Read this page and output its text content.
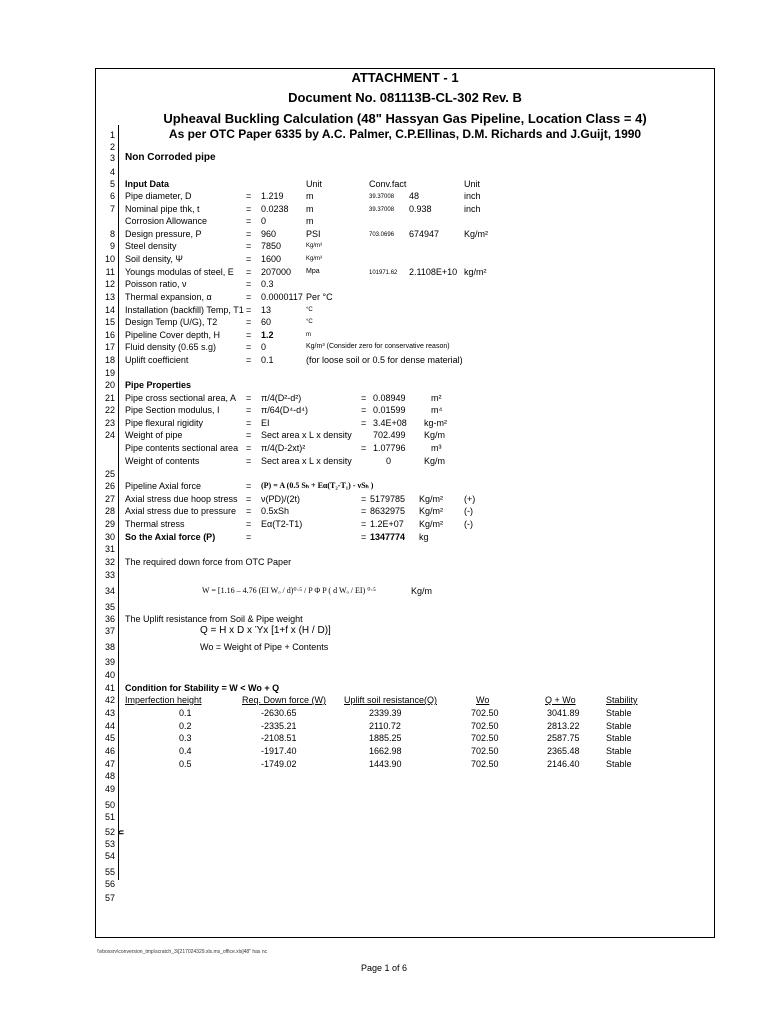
ATTACHMENT - 1
Document No. 081113B-CL-302 Rev. B
Upheaval Buckling Calculation (48" Hassyan Gas Pipeline, Location Class = 4)
As per OTC Paper 6335 by A.C. Palmer, C.P.Ellinas, D.M. Richards and J.Guijt, 1990
1
2
3 Non Corroded pipe
4
5 Input Data	Unit	Conv.fact	Unit
6 Pipe diameter, D	= 1.219 m	39.37008 48	inch
7 Nominal pipe thk, t	= 0.0238 m	39.37008 0.938	inch
Corrosion Allowance	= 0	m
8 Design pressure, P	= 960	PSI	703.0696 674947	Kg/m²
9 Steel density	= 7850	Kg/m³
10 Soil density, Ψ	= 1600	Kg/m³
11 Youngs modulas of steel, E = 207000 Mpa	101971.62 2.1108E+10 kg/m²
12 Poisson ratio, ν	= 0.3
13 Thermal expansion, α	= 0.0000117 Per °C
14 Installation (backfill) Temp, T1 = 13	°C
15 Design Temp (U/G), T2	= 60	°C
16 Pipeline Cover depth, H	= 1.2	m
17 Fluid density (0.65 s.g)	= 0	Kg/m³ (Consider zero for conservative reason)
18 Uplift coefficient	= 0.1	(for loose soil or 0.5 for dense material)
19
20 Pipe Properties
21 Pipe cross sectional area, A = π/4(D²-d²)	= 0.08949	m²
22 Pipe Section modulus, I	= π/64(D⁴-d⁴)	= 0.01599	m⁴
23 Pipe flexural rigidity	= EI	= 3.4E+08 kg-m²
24 Weight of pipe	= Sect area x L x density 702.499 Kg/m
Pipe contents sectional area = π/4(D-2xt)²	= 1.07796	m³
Weight of contents	= Sect area x L x density	0	Kg/m
25
26 Pipeline Axial force	= (P) = A (0.5 Sₕ + Eα(T₂-T₁) - νSₕ )
27 Axial stress due hoop stress = ν(PD)/(2t)	= 5179785 Kg/m² (+)
28 Axial stress due to pressure = 0.5xSh	= 8632975 Kg/m² (-)
29 Thermal stress	= Eα(T2-T1)	= 1.2E+07 Kg/m² (-)
30 So the Axial force (P)	=	= 1347774 kg
31
32 The required down force from OTC Paper
33
34	W = [1.16 – 4.76 (EI Wₒ / d)⁰·⁵ / P Φ P ( d Wₒ / EI) ⁰·⁵	Kg/m
35
36 The Uplift resistance from Soil & Pipe weight
37	Q = H x D x Ύx [1+f x (H / D)]
38	Wo = Weight of Pipe + Contents
39
40
41 Condition for Stability = W < Wo + Q
42 Imperfection height	Req. Down force (W) Uplift soil resistance(Q)	Wo	Q + Wo	Stability
43	0.1	-2630.65	2339.39	702.50	3041.89	Stable
44	0.2	-2335.21	2110.72	702.50	2813.22	Stable
45	0.3	-2108.51	1885.25	702.50	2587.75	Stable
46	0.4	-1917.40	1662.98	702.50	2365.48	Stable
47	0.5	-1749.02	1443.90	702.50	2146.40	Stable
48
49
50
51
52 u
53
54
55
56
57
\\vboxsrv\conversion_tmp\scratch_3\[217024329.xls.ms_office.xls]48" has nc
Page 1 of 6
